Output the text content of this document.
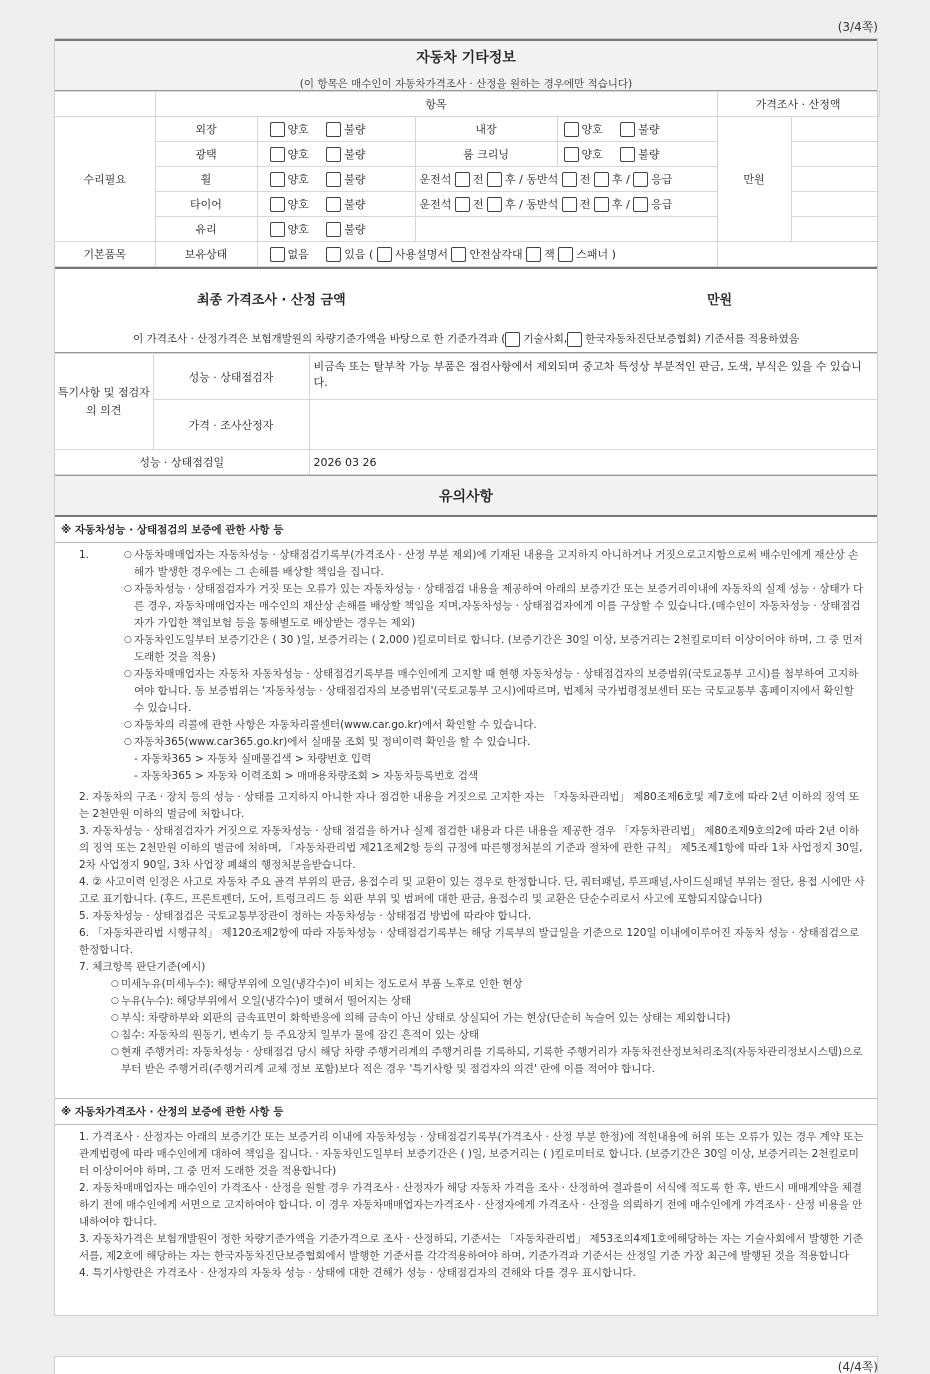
(3/4쪽)
자동차 기타정보
(이 항목은 매수인이 자동차가격조사 · 산정을 원하는 경우에만 적습니다)
	항목				가격조사 · 산정액	
수리필요	외장	양호 불량	내장	양호 불량	만원	
	광택	양호 불량	룸 크리닝	양호 불량		
	휠	양호 불량	운전석 전 후 / 동반석 전 후 / 응급			
	타이어	양호 불량	운전석 전 후 / 동반석 전 후 / 응급			
	유리	양호 불량				
기본품목	보유상태	없음 있음 ( 사용설명서 안전삼각대 잭 스패너 )				
최종 가격조사 · 산정 금액	만원
이 가격조사 · 산정가격은 보험개발원의 차량기준가액을 바탕으로 한 기준가격과 ( 기술사회, 한국자동차진단보증협회) 기준서를 적용하였음
특기사항 및 점검자의 의견	성능 · 상태점검자	비금속 또는 탈부착 가능 부품은 점검사항에서 제외되며 중고차 특성상 부분적인 판금, 도색, 부식은 있을 수 있습니다.
	가격 · 조사산정자	
성능 · 상태점검일		2026 03 26
유의사항
※ 자동차성능 · 상태점검의 보증에 관한 사항 등
1.	○ 사동차매매업자는 자동차성능 · 상태점검기록부(가격조사 · 산정 부분 제외)에 기재된 내용을 고지하지 아니하거나 거짓으로고지함으로써 배수인에게 재산상 손해가 발생한 경우에는 그 손해를 배상할 책임을 집니다.
○ 자동차성능 · 상태점검자가 거짓 또는 오류가 있는 자동차성능 · 상태점검 내용을 제공하여 아래의 보증기간 또는 보증거리이내에 자동차의 실제 성능 · 상태가 다른 경우, 자동차매매업자는 매수인의 재산상 손해를 배상할 책임을 지며,자동차성능 · 상태점검자에게 이를 구상할 수 있습니다.(매수인이 자동차성능 · 상태점검자가 가입한 책임보험 등을 통해별도로 배상받는 경우는 제외)
○ 자동차인도일부터 보증기간은 ( 30 )일, 보증거리는 ( 2,000 )킬로미터로 합니다. (보증기간은 30일 이상, 보증거리는 2천킬로미터 이상이어야 하며, 그 중 먼저 도래한 것을 적용)
○ 자동차매매업자는 자동차 자동차성능 · 상태점검기록부를 매수인에게 고지할 때 현행 자동차성능 · 상태점검자의 보증범위(국토교통부 고시)를 첨부하여 고지하여야 합니다. 동 보증범위는 '자동차성능 · 상태점검자의 보증범위'(국토교통부 고시)에따르며, 법제처 국가법령정보센터 또는 국토교통부 홈페이지에서 확인할 수 있습니다.
○ 자동차의 리콜에 관한 사항은 자동차리콜센터(www.car.go.kr)에서 확인할 수 있습니다.
○ 자동차365(www.car365.go.kr)에서 실매물 조회 및 정비이력 확인을 할 수 있습니다.
- 자동차365 > 자동차 실매물검색 > 차량번호 입력
- 자동차365 > 자동차 이력조회 > 매매용차량조회 > 자동차등록번호 검색
2. 자동차의 구조 · 장치 등의 성능 · 상태를 고지하지 아니한 자나 점검한 내용을 거짓으로 고지한 자는 「자동차관리법」 제80조제6호및 제7호에 따라 2년 이하의 징역 또는 2천만원 이하의 벌금에 처합니다.
3. 자동차성능 · 상태점검자가 거짓으로 자동차성능 · 상태 점검을 하거나 실제 점검한 내용과 다른 내용을 제공한 경우 「자동차관리법」 제80조제9호의2에 따라 2년 이하의 징역 또는 2천만원 이하의 벌금에 처하며, 「자동차관리법 제21조제2항 등의 규정에 따른행정처분의 기준과 절차에 관한 규칙」 제5조제1항에 따라 1차 사업정지 30일, 2차 사업정지 90일, 3차 사업장 폐쇄의 행정처분을받습니다.
4. ② 사고이력 인정은 사고로 자동차 주요 골격 부위의 판금, 용접수리 및 교환이 있는 경우로 한정합니다. 단, 쿼터패널, 루프패널,사이드실패널 부위는 절단, 용접 시에만 사고로 표기합니다. (후드, 프론트펜더, 도어, 트렁크리드 등 외판 부위 및 범퍼에 대한 판금, 용접수리 및 교환은 단순수리로서 사고에 포함되지않습니다)
5. 자동차성능 · 상태점검은 국토교통부장관이 정하는 자동차성능 · 상태점검 방법에 따라야 합니다.
6. 「자동차관리법 시행규칙」 제120조제2항에 따라 자동차성능 · 상태점검기록부는 해당 기록부의 발급일을 기준으로 120일 이내에이루어진 자동차 성능 · 상태점검으로 한정합니다.
7. 체크항목 판단기준(예시)
○ 미세누유(미세누수): 해당부위에 오일(냉각수)이 비치는 정도로서 부품 노후로 인한 현상
○ 누유(누수): 해당부위에서 오일(냉각수)이 맺혀서 떨어지는 상태
○ 부식: 차량하부와 외판의 금속표면이 화학반응에 의해 금속이 아닌 상태로 상실되어 가는 현상(단순히 녹슬어 있는 상태는 제외합니다)
○ 침수: 자동차의 원동기, 변속기 등 주요장치 일부가 물에 잠긴 흔적이 있는 상태
○ 현재 주행거리: 자동차성능 · 상태점검 당시 해당 차량 주행거리계의 주행거리를 기록하되, 기록한 주행거리가 자동차전산정보처리조직(자동차관리정보시스템)으로부터 받은 주행거리(주행거리계 교체 정보 포함)보다 적은 경우 '특기사항 및 점검자의 의견' 란에 이를 적어야 합니다.
※ 자동차가격조사 · 산정의 보증에 관한 사항 등
1. 가격조사 · 산정자는 아래의 보증기간 또는 보증거리 이내에 자동차성능 · 상태점검기록부(가격조사 · 산정 부분 한정)에 적힌내용에 허위 또는 오류가 있는 경우 계약 또는 관계법령에 따라 매수인에게 대하여 책임을 집니다. · 자동차인도일부터 보증기간은 ( )일, 보증거리는 ( )킬로미터로 합니다. (보증기간은 30일 이상, 보증거리는 2천킬로미터 이상이어야 하며, 그 중 먼저 도래한 것을 적용합니다)
2. 자동차매매업자는 매수인이 가격조사 · 산정을 원할 경우 가격조사 · 산정자가 해당 자동차 가격을 조사 · 산정하여 결과를이 서식에 적도록 한 후, 반드시 매매계약을 체결하기 전에 매수인에게 서면으로 고지하여야 합니다. 이 경우 자동차매매업자는가격조사 · 산정자에게 가격조사 · 산정을 의뢰하기 전에 매수인에게 가격조사 · 산정 비용을 안내하여야 합니다.
3. 자동차가격은 보험개발원이 정한 차량기준가액을 기준가격으로 조사 · 산정하되, 기준서는 「자동차관리법」 제53조의4제1호에해당하는 자는 기술사회에서 발행한 기준서를, 제2호에 해당하는 자는 한국자동차진단보증협회에서 발행한 기준서를 각각적용하여야 하며, 기준가격과 기준서는 산정일 기준 가장 최근에 발행된 것을 적용합니다
4. 특기사항란은 가격조사 · 산정자의 자동차 성능 · 상태에 대한 견해가 성능 · 상태점검자의 견해와 다를 경우 표시합니다.
(4/4쪽)
